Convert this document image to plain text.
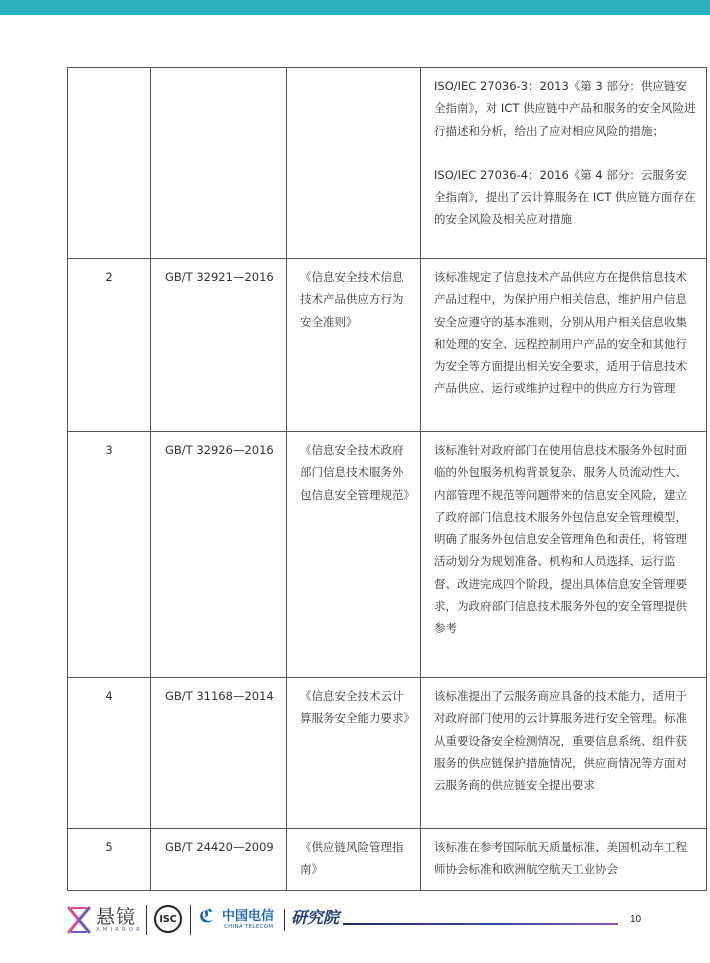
			ISO/IEC 27036-3：2013《第 3 部分：供应链安全指南》，对 ICT 供应链中产品和服务的安全风险进行描述和分析，给出了应对相应风险的措施；
ISO/IEC 27036-4：2016《第 4 部分：云服务安全指南》，提出了云计算服务在 ICT 供应链方面存在的安全风险及相关应对措施

2	GB/T 32921—2016	《信息安全技术信息技术产品供应方行为安全准则》	该标准规定了信息技术产品供应方在提供信息技术产品过程中，为保护用户相关信息，维护用户信息安全应遵守的基本准则，分别从用户相关信息收集和处理的安全、远程控制用户产品的安全和其他行为安全等方面提出相关安全要求，适用于信息技术产品供应、运行或维护过程中的供应方行为管理
3	GB/T 32926—2016	《信息安全技术政府部门信息技术服务外包信息安全管理规范》	该标准针对政府部门在使用信息技术服务外包时面临的外包服务机构背景复杂、服务人员流动性大、内部管理不规范等问题带来的信息安全风险，建立了政府部门信息技术服务外包信息安全管理模型，明确了服务外包信息安全管理角色和责任，将管理活动划分为规划准备、机构和人员选择、运行监督、改进完成四个阶段，提出具体信息安全管理要求，为政府部门信息技术服务外包的安全管理提供参考
4	GB/T 31168—2014	《信息安全技术云计算服务安全能力要求》	该标准提出了云服务商应具备的技术能力，适用于对政府部门使用的云计算服务进行安全管理。标准从重要设备安全检测情况，重要信息系统、组件获服务的供应链保护措施情况，供应商情况等方面对云服务商的供应链安全提出要求
5	GB/T 24420—2009	《供应链风险管理指南》	该标准在参考国际航天质量标准、美国机动车工程师协会标准和欧洲航空航天工业协会
悬镜
XMIRROR
ISC ℭ 中国电信
CHINA TELECOM 研究院	10
